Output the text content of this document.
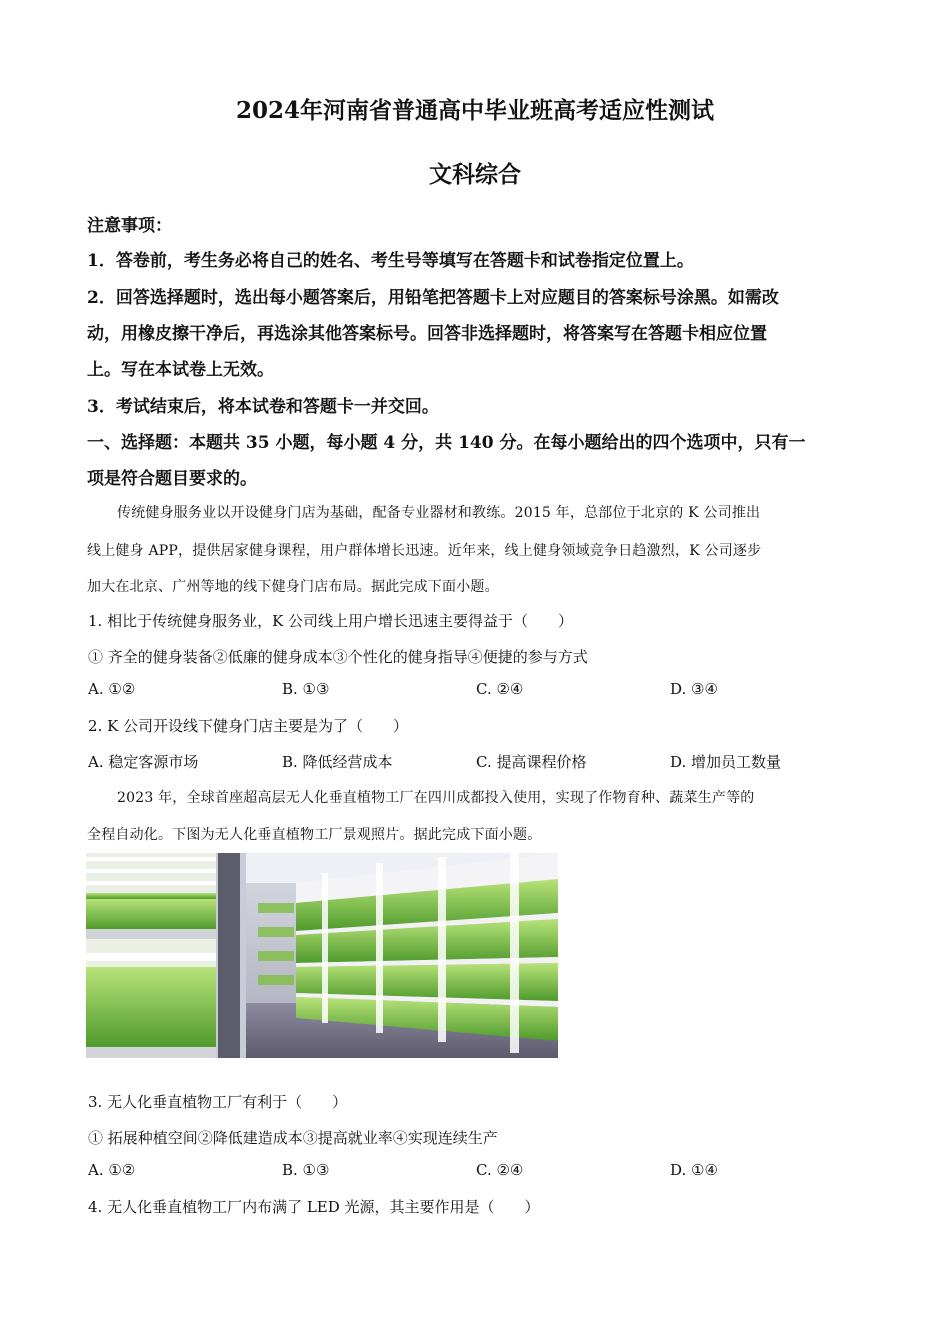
2024年河南省普通高中毕业班高考适应性测试
文科综合
注意事项：
1．答卷前，考生务必将自己的姓名、考生号等填写在答题卡和试卷指定位置上。
2．回答选择题时，选出每小题答案后，用铅笔把答题卡上对应题目的答案标号涂黑。如需改
动，用橡皮擦干净后，再选涂其他答案标号。回答非选择题时，将答案写在答题卡相应位置
上。写在本试卷上无效。
3．考试结束后，将本试卷和答题卡一并交回。
一、选择题：本题共 35 小题，每小题 4 分，共 140 分。在每小题给出的四个选项中，只有一
项是符合题目要求的。
传统健身服务业以开设健身门店为基础，配备专业器材和教练。2015 年，总部位于北京的 K 公司推出
线上健身 APP，提供居家健身课程，用户群体增长迅速。近年来，线上健身领域竞争日趋激烈，K 公司逐步
加大在北京、广州等地的线下健身门店布局。据此完成下面小题。
1. 相比于传统健身服务业，K 公司线上用户增长迅速主要得益于（　　）
① 齐全的健身装备②低廉的健身成本③个性化的健身指导④便捷的参与方式
A. ①②	B. ①③	C. ②④	D. ③④
2. K 公司开设线下健身门店主要是为了（　　）
A. 稳定客源市场	B. 降低经营成本	C. 提高课程价格	D. 增加员工数量
2023 年，全球首座超高层无人化垂直植物工厂在四川成都投入使用，实现了作物育种、蔬菜生产等的
全程自动化。下图为无人化垂直植物工厂景观照片。据此完成下面小题。
3. 无人化垂直植物工厂有利于（　　）
① 拓展种植空间②降低建造成本③提高就业率④实现连续生产
A. ①②	B. ①③	C. ②④	D. ①④
4. 无人化垂直植物工厂内布满了 LED 光源，其主要作用是（　　）
